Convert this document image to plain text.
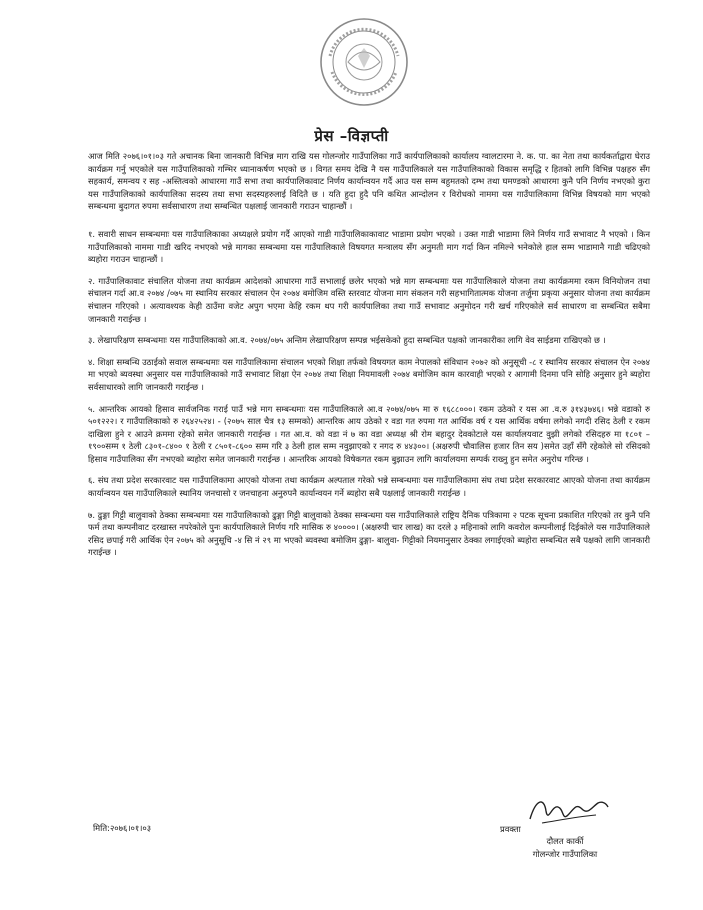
प्रेस –विज्ञप्ती

आज मिति २०७६।०१।०३ गते अचानक बिना जानकारी विभिन्न माग राखि यस गोलन्जोर गाउँपालिका गाउँ कार्यपालिकाको कार्यालय ग्वालटारमा ने. क. पा. का नेता तथा कार्यकर्ताद्वारा घेराउ कार्यक्रम गर्नु भएकोले यस गाउँपालिकाको गम्भिर ध्यानाकर्षण भएको छ । विगत समय देखि नै यस गाउँपालिकाले यस गाउँपालिकाको विकास समृद्धि र हितको लागि विभिन्न पक्षहरु सँग सहकार्य, समन्वय र सह -अस्तित्वको आधारमा गाउँ सभा तथा कार्यपालिकावाट निर्णय कार्यान्वयन गर्दै आउ यस सम्म बहुमतको दम्भ तथा घमण्डको आधारमा कुनै पनि निर्णय नभएको कुरा यस गाउँपालिकाको कार्यपालिका सदस्य तथा सभा सदस्यहरुलाई विदितै छ । यति हुदा हुदै पनि कथित आन्दोलन र विरोधको नाममा यस गाउँपालिकामा विभिन्न विषयको माग भएको सम्बन्धमा बुदागत रुपमा सर्वसाधारण तथा सम्बन्धित पक्षलाई जानकारी गराउन चाहान्छौं ।

१. सवारी साधन सम्बन्धमाः यस गाउँपालिकाका अध्यक्षले प्रयोग गर्दै आएको गाडी गाउँपालिकाकावाट भाडामा प्रयोग भएको । उक्त गाडी भाडामा लिने निर्णय गाउँ सभावाट नै भएको । किन गाउँपालिकाको नाममा गाडी खरिद नभएको भन्ने मागका सम्बन्धमा यस गाउँपालिकाले विषयगत मन्त्रालय सँग अनुमती माग गर्दा किन नमिल्ने भनेकोले हाल सम्म भाडामानै गाडी चढिएको ब्यहोरा गराउन चाहान्छौं ।

२. गाउँपालिकावाट संचालित योजना तथा कार्यक्रम आदेशको आधारमा गाउँ सभालाई छलेर भएको भन्ने माग सम्बन्धमाः यस गाउँपालिकाले योजना तथा कार्यक्रममा रकम विनियोजन तथा संचालन गर्दा आ.व २०७४ /०७५ मा स्थानिय सरकार संचालन ऐन २०७४ बमोजिम वस्ति स्तरवाट योजना माग संकलन गरी सहभागितात्मक योजना तर्जुमा प्रकृया अनुसार योजना तथा कार्यक्रम संचालन गरिएको । अत्यावश्यक केही ठाउँमा वजेट अपुग भएमा केहि रकम थप गरी कार्यपालिका तथा गाउँ सभावाट अनुमोदन गरी खर्च गरिएकोले सर्व साधारण वा सम्बन्धित सबैमा जानकारी गराईन्छ ।

३. लेखापरिक्षण सम्बन्धमाः यस गाउँपालिकाको आ.व. २०७४/०७५ अन्तिम लेखापरिक्षण सम्पन्न भईसकेको हुदा सम्बन्धित पक्षको जानकारीका लागि वेव साईडमा राखिएको छ ।

४. शिक्षा सम्बन्धि उठाईको सवाल सम्बन्धमाः यस गाउँपालिकामा संचालन भएको शिक्षा तर्फको विषयगत काम नेपालको संविधान २०७२ को अनुसूची -८ र स्थानिय सरकार संचालन ऐन २०७४ मा भएको ब्यवस्था अनुसार यस गाउँपालिकाको गाउँ सभावाट शिक्षा ऐन २०७४ तथा शिक्षा नियमावली २०७४ बमोजिम काम कारवाही भएको र आगामी दिनमा पनि सोहि अनुसार हुने ब्यहोरा सर्वसाधारको लागि जानकारी गराईन्छ ।

५. आन्तरिक आयको हिसाव सार्वजनिक गराई पाउँ भन्ने माग सम्बन्धमाः यस गाउँपालिकाले आ.व २०७४/०७५ मा रु १६८८०००। रकम उठेको र यस आ .व.रु ३१४३७४६। भन्ने वडाको रु ५०१२२२। र गाउँपालिकाको रु २६४२५२४। - (२०७५ साल चैत्र १३ सम्मको) आन्तरिक आय उठेको र वडा गत रुपमा गत आर्थिक वर्ष र यस आर्थिक वर्षमा लगेको नगदी रसिद ठेली र रकम दाखिला हुने र आउने क्रममा रहेको समेत जानकारी गराईन्छ । गत आ.व. को वडा नं ७ का वडा अध्यक्ष श्री रोम बहादुर देवकोटाले यस कार्यालयवाट वुझी लगेको रसिदहरु मा १८०१ – १९००सम्म १ ठेली ८३०१-८४०० १ ठेली र ८५०१-८६०० सम्म गरि ३ ठेली हाल सम्म नवुझाएको र नगद रु ४४३००। (अक्षरुपी चौवालिस हजार तिन सय )समेत उहाँ सँगै रहेकोले सो रसिदको हिसाव गाउँपालिका सँग नभएको ब्यहोरा समेत जानकारी गराईन्छ । आन्तरिक आयको विषेकगत रकम बुझाउन लागि कार्यालयमा सम्पर्क राख्नु हुन समेत अनुरोध गरिन्छ ।

६. संघ तथा प्रदेश सरकारवाट यस गाउँपालिकामा आएको योजना तथा कार्यक्रम अल्पताल गरेको भन्ने सम्बन्धमाः यस गाउँपालिकामा संघ तथा प्रदेश सरकारवाट आएको योजना तथा कार्यक्रम कार्यान्वयन यस गाउँपालिकाले स्थानिय जनचासो र जनचाहना अनुरुपनै कार्यान्वयन गर्ने ब्यहोरा सबै पक्षलाई जानकारी गराईन्छ ।

७. ढुङ्गा गिट्टी बालुवाको ठेक्का सम्बन्धमाः यस गाउँपालिकाको ढुङ्गा गिट्टी बालुवाको ठेक्का सम्बन्धमा यस गाउँपालिकाले राष्ट्रिय दैनिक पत्रिकामा २ पटक सूचना प्रकाशित गरिएको तर कुनै पनि फर्म तथा कम्पनीवाट दरखास्त नपरेकोले पुनः कार्यपालिकाले निर्णय गरि मासिक रु ४००००। (अक्षरुपी चार लाख) का दरले ३ महिनाको लागि कवरोल कम्पनीलाई दिईकोले यस गाउँपालिकाले रसिद छपाई गरी आर्थिक ऐन २०७५ को अनुसूचि -४ सि नं २९ मा भएको ब्यवस्था बमोजिम ढुङ्गा- बालुवा- गिट्टीको नियमानुसार ठेक्का लगाईएको ब्यहोरा सम्बन्धित सबै पक्षको लागि जानकारी गराईन्छ ।

मिति:२०७६।०१।०३	प्रवक्ता
दौलत कार्की
गोलन्जोर गाउँपालिका
